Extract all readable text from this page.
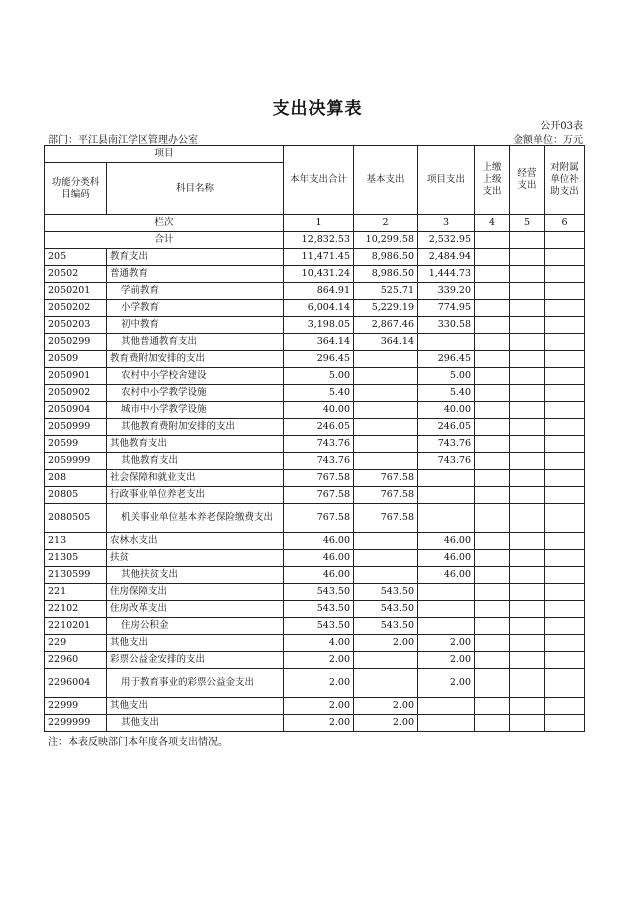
支出决算表
公开03表
部门：平江县南江学区管理办公室	金额单位：万元
项目		本年支出合计	基本支出	项目支出	上缴上级支出	经营支出	对附属单位补助支出
功能分类科目编码	科目名称						
栏次		1	2	3	4	5	6
合计		12,832.53	10,299.58	2,532.95			
205	教育支出	11,471.45	8,986.50	2,484.94			
20502	普通教育	10,431.24	8,986.50	1,444.73			
2050201	学前教育	864.91	525.71	339.20			
2050202	小学教育	6,004.14	5,229.19	774.95			
2050203	初中教育	3,198.05	2,867.46	330.58			
2050299	其他普通教育支出	364.14	364.14				
20509	教育费附加安排的支出	296.45		296.45			
2050901	农村中小学校舍建设	5.00		5.00			
2050902	农村中小学教学设施	5.40		5.40			
2050904	城市中小学教学设施	40.00		40.00			
2050999	其他教育费附加安排的支出	246.05		246.05			
20599	其他教育支出	743.76		743.76			
2059999	其他教育支出	743.76		743.76			
208	社会保障和就业支出	767.58	767.58				
20805	行政事业单位养老支出	767.58	767.58				
2080505	机关事业单位基本养老保险缴费支出	767.58	767.58				
213	农林水支出	46.00		46.00			
21305	扶贫	46.00		46.00			
2130599	其他扶贫支出	46.00		46.00			
221	住房保障支出	543.50	543.50				
22102	住房改革支出	543.50	543.50				
2210201	住房公积金	543.50	543.50				
229	其他支出	4.00	2.00	2.00			
22960	彩票公益金安排的支出	2.00		2.00			
2296004	用于教育事业的彩票公益金支出	2.00		2.00			
22999	其他支出	2.00	2.00				
2299999	其他支出	2.00	2.00				
注：本表反映部门本年度各项支出情况。
